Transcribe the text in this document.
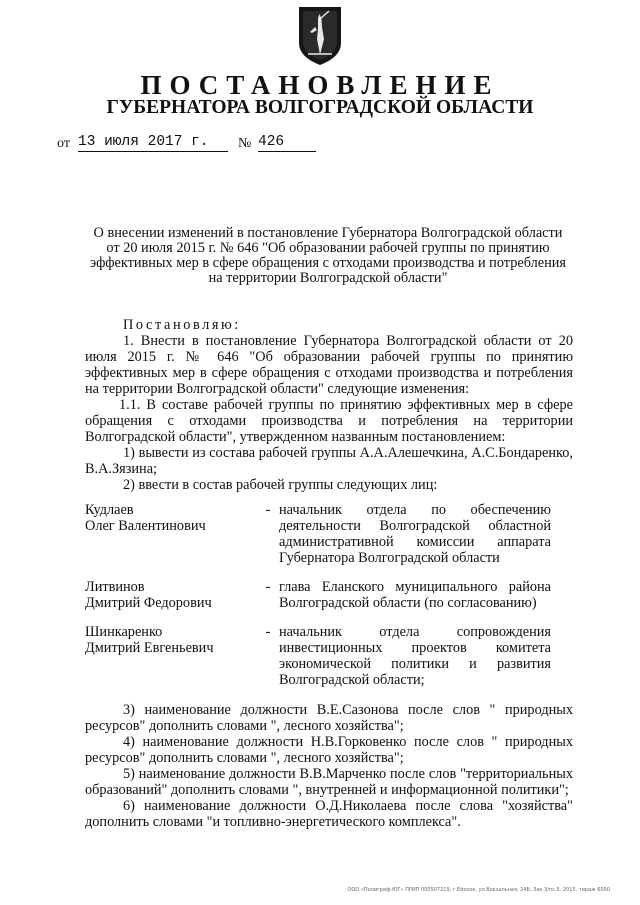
ПОСТАНОВЛЕНИЕ
ГУБЕРНАТОРА ВОЛГОГРАДСКОЙ ОБЛАСТИ
от 13 июля 2017 г.	№ 426
О внесении изменений в постановление Губернатора Волгоградской области
от 20 июля 2015 г. № 646 "Об образовании рабочей группы по принятию
эффективных мер в сфере обращения с отходами производства и потребления
на территории Волгоградской области"

Постановляю:

1. Внести в постановление Губернатора Волгоградской области от 20 июля 2015 г. № 646 "Об образовании рабочей группы по принятию эффективных мер в сфере обращения с отходами производства и потребления на территории Волгоградской области" следующие изменения:

1.1. В составе рабочей группы по принятию эффективных мер в сфере обращения с отходами производства и потребления на территории Волгоградской области", утвержденном названным постановлением:

1) вывести из состава рабочей группы А.А.Алешечкина, А.С.Бондаренко, В.А.Зязина;

2) ввести в состав рабочей группы следующих лиц:

Кудлаев
Олег Валентинович
- начальник отдела по обеспечению деятельности Волгоградской областной административной комиссии аппарата Губернатора Волгоградской области
Литвинов
Дмитрий Федорович
- глава Еланского муниципального района Волгоградской области (по согласованию)
Шинкаренко
Дмитрий Евгеньевич
- начальник отдела сопровождения инвестиционных проектов комитета экономической политики и развития Волгоградской области;

3) наименование должности В.Е.Сазонова после слов " природных ресурсов" дополнить словами ", лесного хозяйства";

4) наименование должности Н.В.Горковенко после слов " природных ресурсов" дополнить словами ", лесного хозяйства";

5) наименование должности В.В.Марченко после слов "территориальных образований" дополнить словами ", внутренней и информационной политики";

6) наименование должности О.Д.Николаева после слова "хозяйства" дополнить словами "и топливно-энергетического комплекса".

ООО «Полиграф-ЮГ» ПРИП 000507219, г.Ейское, ул.Вокзальная, 24Б. Зак.3/пс.5. 2015. тираж 6000
